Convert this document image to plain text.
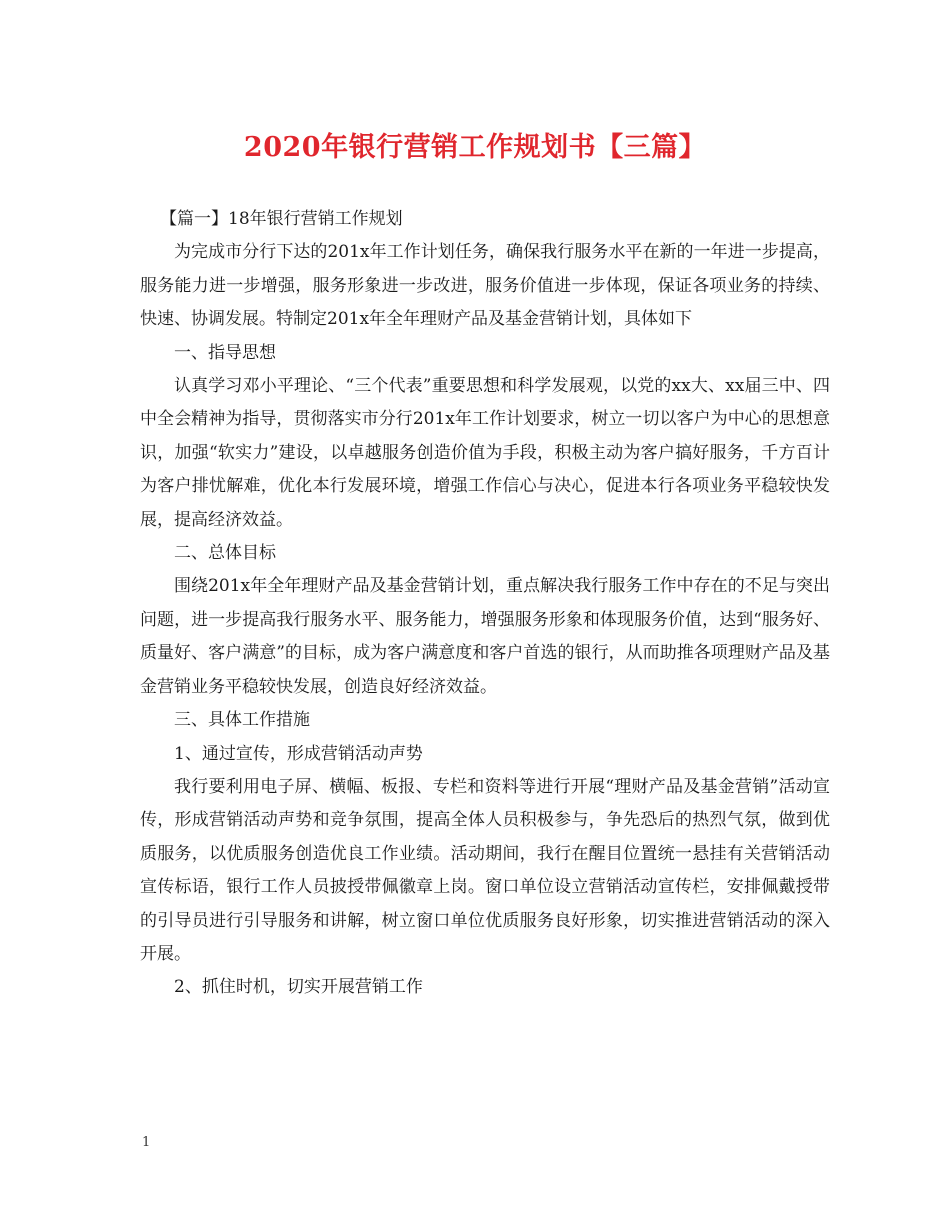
2020年银行营销工作规划书【三篇】

【篇一】18年银行营销工作规划

为完成市分行下达的201x年工作计划任务，确保我行服务水平在新的一年进一步提高，服务能力进一步增强，服务形象进一步改进，服务价值进一步体现，保证各项业务的持续、快速、协调发展。特制定201x年全年理财产品及基金营销计划，具体如下

一、指导思想

认真学习邓小平理论、“三个代表”重要思想和科学发展观，以党的xx大、xx届三中、四中全会精神为指导，贯彻落实市分行201x年工作计划要求，树立一切以客户为中心的思想意识，加强“软实力”建设，以卓越服务创造价值为手段，积极主动为客户搞好服务，千方百计为客户排忧解难，优化本行发展环境，增强工作信心与决心，促进本行各项业务平稳较快发展，提高经济效益。

二、总体目标

围绕201x年全年理财产品及基金营销计划，重点解决我行服务工作中存在的不足与突出问题，进一步提高我行服务水平、服务能力，增强服务形象和体现服务价值，达到“服务好、质量好、客户满意”的目标，成为客户满意度和客户首选的银行，从而助推各项理财产品及基金营销业务平稳较快发展，创造良好经济效益。

三、具体工作措施

1、通过宣传，形成营销活动声势

我行要利用电子屏、横幅、板报、专栏和资料等进行开展“理财产品及基金营销”活动宣传，形成营销活动声势和竞争氛围，提高全体人员积极参与，争先恐后的热烈气氛，做到优质服务，以优质服务创造优良工作业绩。活动期间，我行在醒目位置统一悬挂有关营销活动宣传标语，银行工作人员披授带佩徽章上岗。窗口单位设立营销活动宣传栏，安排佩戴授带的引导员进行引导服务和讲解，树立窗口单位优质服务良好形象，切实推进营销活动的深入开展。

2、抓住时机，切实开展营销工作

1
